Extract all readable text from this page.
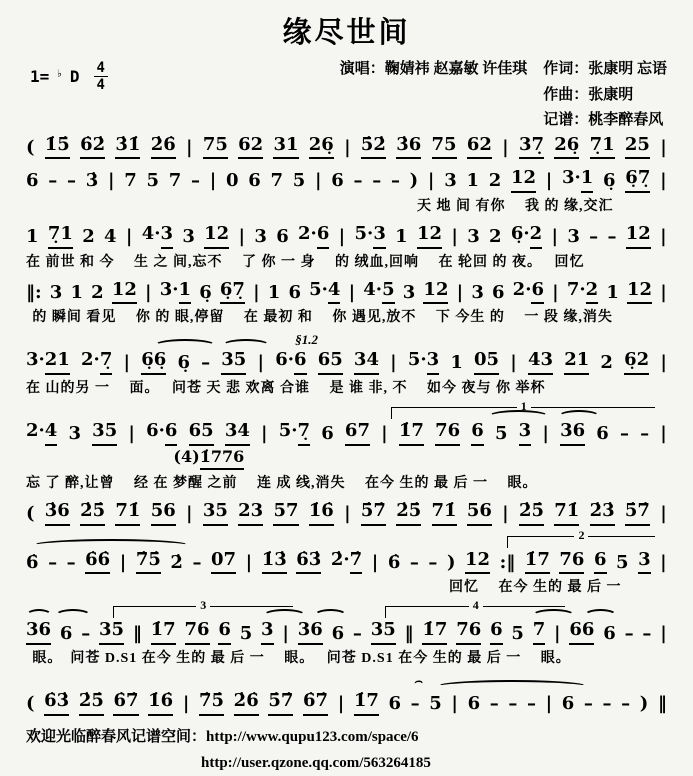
缘尽世间
1= ♭ D 4
4
演唱：鞠婧祎 赵嘉敏 许佳琪 作词：张康明 忘语
作曲：张康明
记谱：桃李醉春风
( 1̇5̇ 6̇2̇ 3̇1̇ 2̇6̇ | 75 62 31 26̣ | 5̇2̇ 3̇6 75 62 | 37̣ 26̣ 7̣1 25 |
6 – – 3̇ | 7 5 7 – | 0 6 7 5 | 6 – – – ) | 3 1 2 12 | 3·1 6̣ 6̣7̣ |
天 地 间 有你　 我 的 缘,交汇
1 7̣1 2 4 | 4·3 3 12 | 3 6 2·6 | 5·3 1 12 | 3 2 6̣·2 | 3 – – 12 |
在 前世 和 今　 生 之 间,忘不　 了 你 一 身　 的 绒血,回响　 在 轮回 的 夜。　 回忆
‖: 3 1 2 12 | 3·1 6̣ 6̣7̣ | 1 6 5·4 | 4·5 3 12 | 3 6 2·6 | 7·2 1 12 |
的 瞬间 看见　 你 的 眼,停留　 在 最初 和　 你 遇见,放不　 下 今生 的　 一 段 缘,消失
§1.2
3·21 2·7̣ | 6̣6̣ 6̣ – 35 | 6·6 65 34 | 5·3 1 05 | 43 21 2 6̣2 |
在 山的另 一　 面。　 问苍 天 悲 欢离 合谁　 是 谁 非, 不　 如今 夜与 你 举杯
1
2·4 3 35 | 6·6 65 34 | 5·7̣ 6 67 | 1̇7 76 6 5 3 | 36 6 – – |
(4)1̇776
忘 了 醉,让曾　 经 在 梦醒 之前　 连 成 线,消失　 在今 生的 最 后 一　 眼。
( 3̇6 2̇5̇ 71̇ 56 | 35 23 57 1̇6̇ | 5̇7̇ 2̇5̇ 71̇ 56 | 2̇5̇ 71̇ 2̇3̇ 5̇7̇ |
2
6̇ – – 6̇6̇ | 7̇5̇ 2̇ – 07 | 1̇3̇ 6̇3̇ 2̇·7̇ | 6̇ – – ) 12 :‖ 1̇7 76 6 5 3 |
回忆　 在今 生的 最 后 一
3	4
36 6 – 35 ‖ 1̇7 76 6 5 3 | 36 6 – 35 ‖ 1̇7 76 6 5 7 | 66 6 – – |
眼。　问苍 D.S1 在今 生的 最 后 一　 眼。　 问苍 D.S1 在今 生的 最 后 一　 眼。
⌢
( 6̇3̇ 2̇5̇ 6̇7̇ 1̇6̇ | 7̇5̇ 2̇6̇ 5̇7̇ 6̇7̇ | 1̇7 6 – 5 | 6 – – – | 6 – – – ) ‖
欢迎光临醉春风记谱空间：http://www.qupu123.com/space/6
http://user.qzone.qq.com/563264185
